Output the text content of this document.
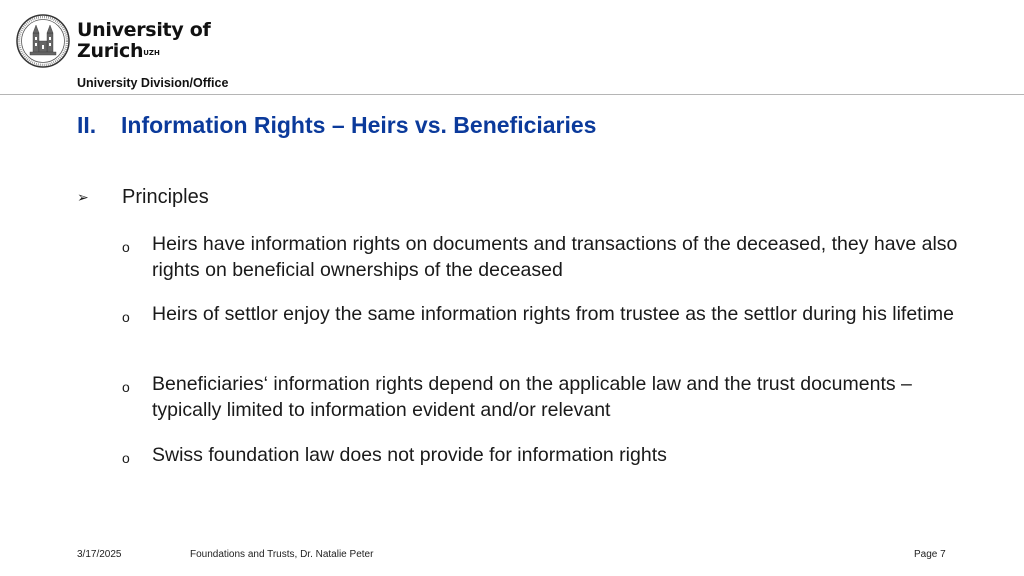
University of
Zurich$^{UZH}$
University Division/Office
II. Information Rights – Heirs vs. Beneficiaries
➢ Principles
o Heirs have information rights on documents and transactions of the deceased, they have also rights on beneficial ownerships of the deceased
o Heirs of settlor enjoy the same information rights from trustee as the settlor during his lifetime
o Beneficiaries‘ information rights depend on the applicable law and the trust documents – typically limited to information evident and/or relevant
o Swiss foundation law does not provide for information rights
3/17/2025	Foundations and Trusts, Dr. Natalie Peter	Page 7
